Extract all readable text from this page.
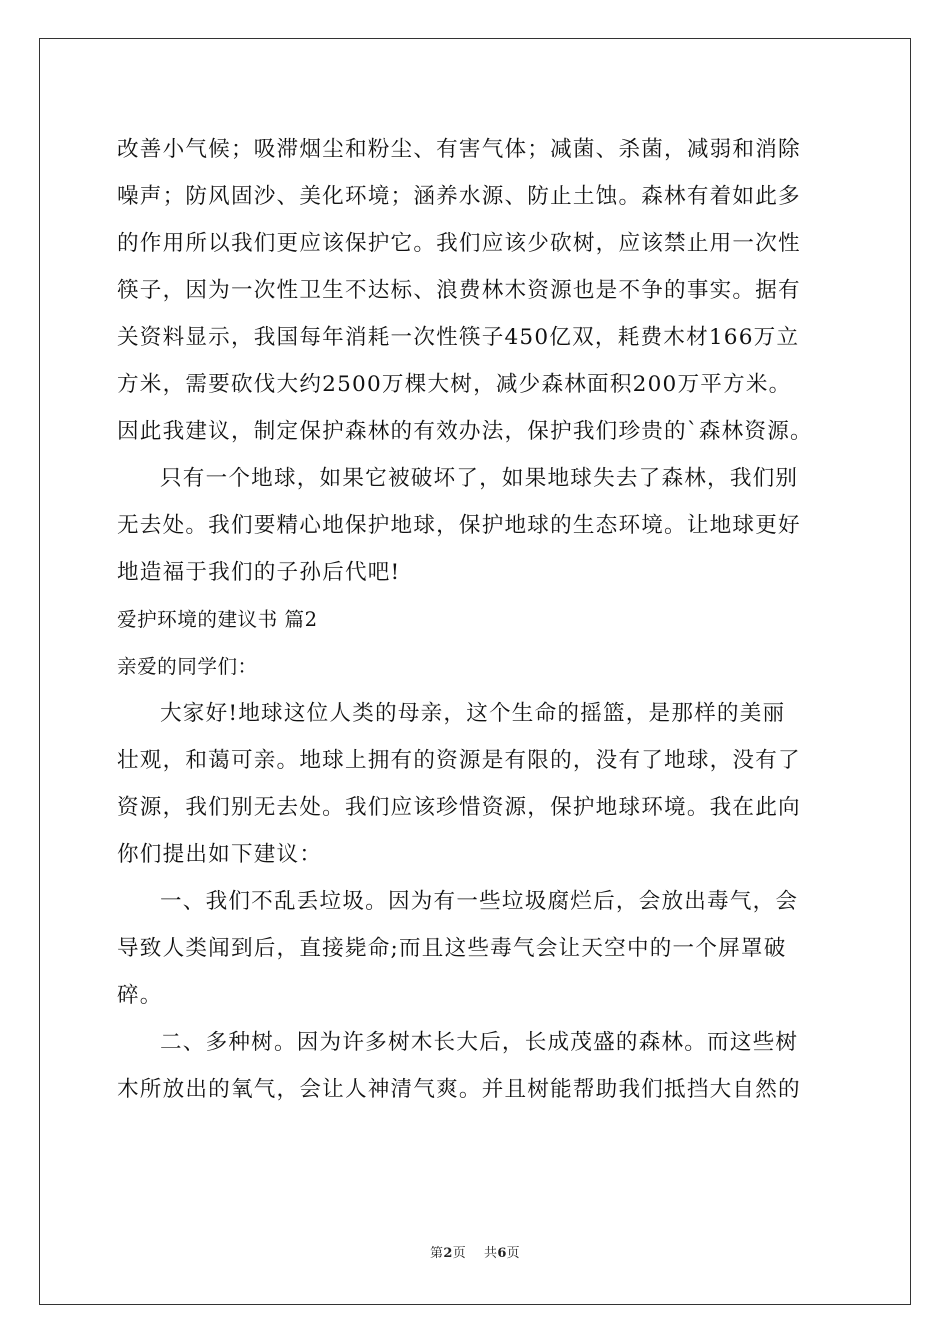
改善小气候；吸滞烟尘和粉尘、有害气体；减菌、杀菌，减弱和消除
噪声；防风固沙、美化环境；涵养水源、防止土蚀。森林有着如此多
的作用所以我们更应该保护它。我们应该少砍树，应该禁止用一次性
筷子，因为一次性卫生不达标、浪费林木资源也是不争的事实。据有
关资料显示，我国每年消耗一次性筷子450亿双，耗费木材166万立
方米，需要砍伐大约2500万棵大树，减少森林面积200万平方米。
因此我建议，制定保护森林的有效办法，保护我们珍贵的`森林资源。
只有一个地球，如果它被破坏了，如果地球失去了森林，我们别
无去处。我们要精心地保护地球，保护地球的生态环境。让地球更好
地造福于我们的子孙后代吧!
爱护环境的建议书 篇2
亲爱的同学们：
大家好!地球这位人类的母亲，这个生命的摇篮，是那样的美丽
壮观，和蔼可亲。地球上拥有的资源是有限的，没有了地球，没有了
资源，我们别无去处。我们应该珍惜资源，保护地球环境。我在此向
你们提出如下建议：
一、我们不乱丢垃圾。因为有一些垃圾腐烂后，会放出毒气，会
导致人类闻到后，直接毙命;而且这些毒气会让天空中的一个屏罩破
碎。
二、多种树。因为许多树木长大后，长成茂盛的森林。而这些树
木所放出的氧气，会让人神清气爽。并且树能帮助我们抵挡大自然的
第2页 共6页
